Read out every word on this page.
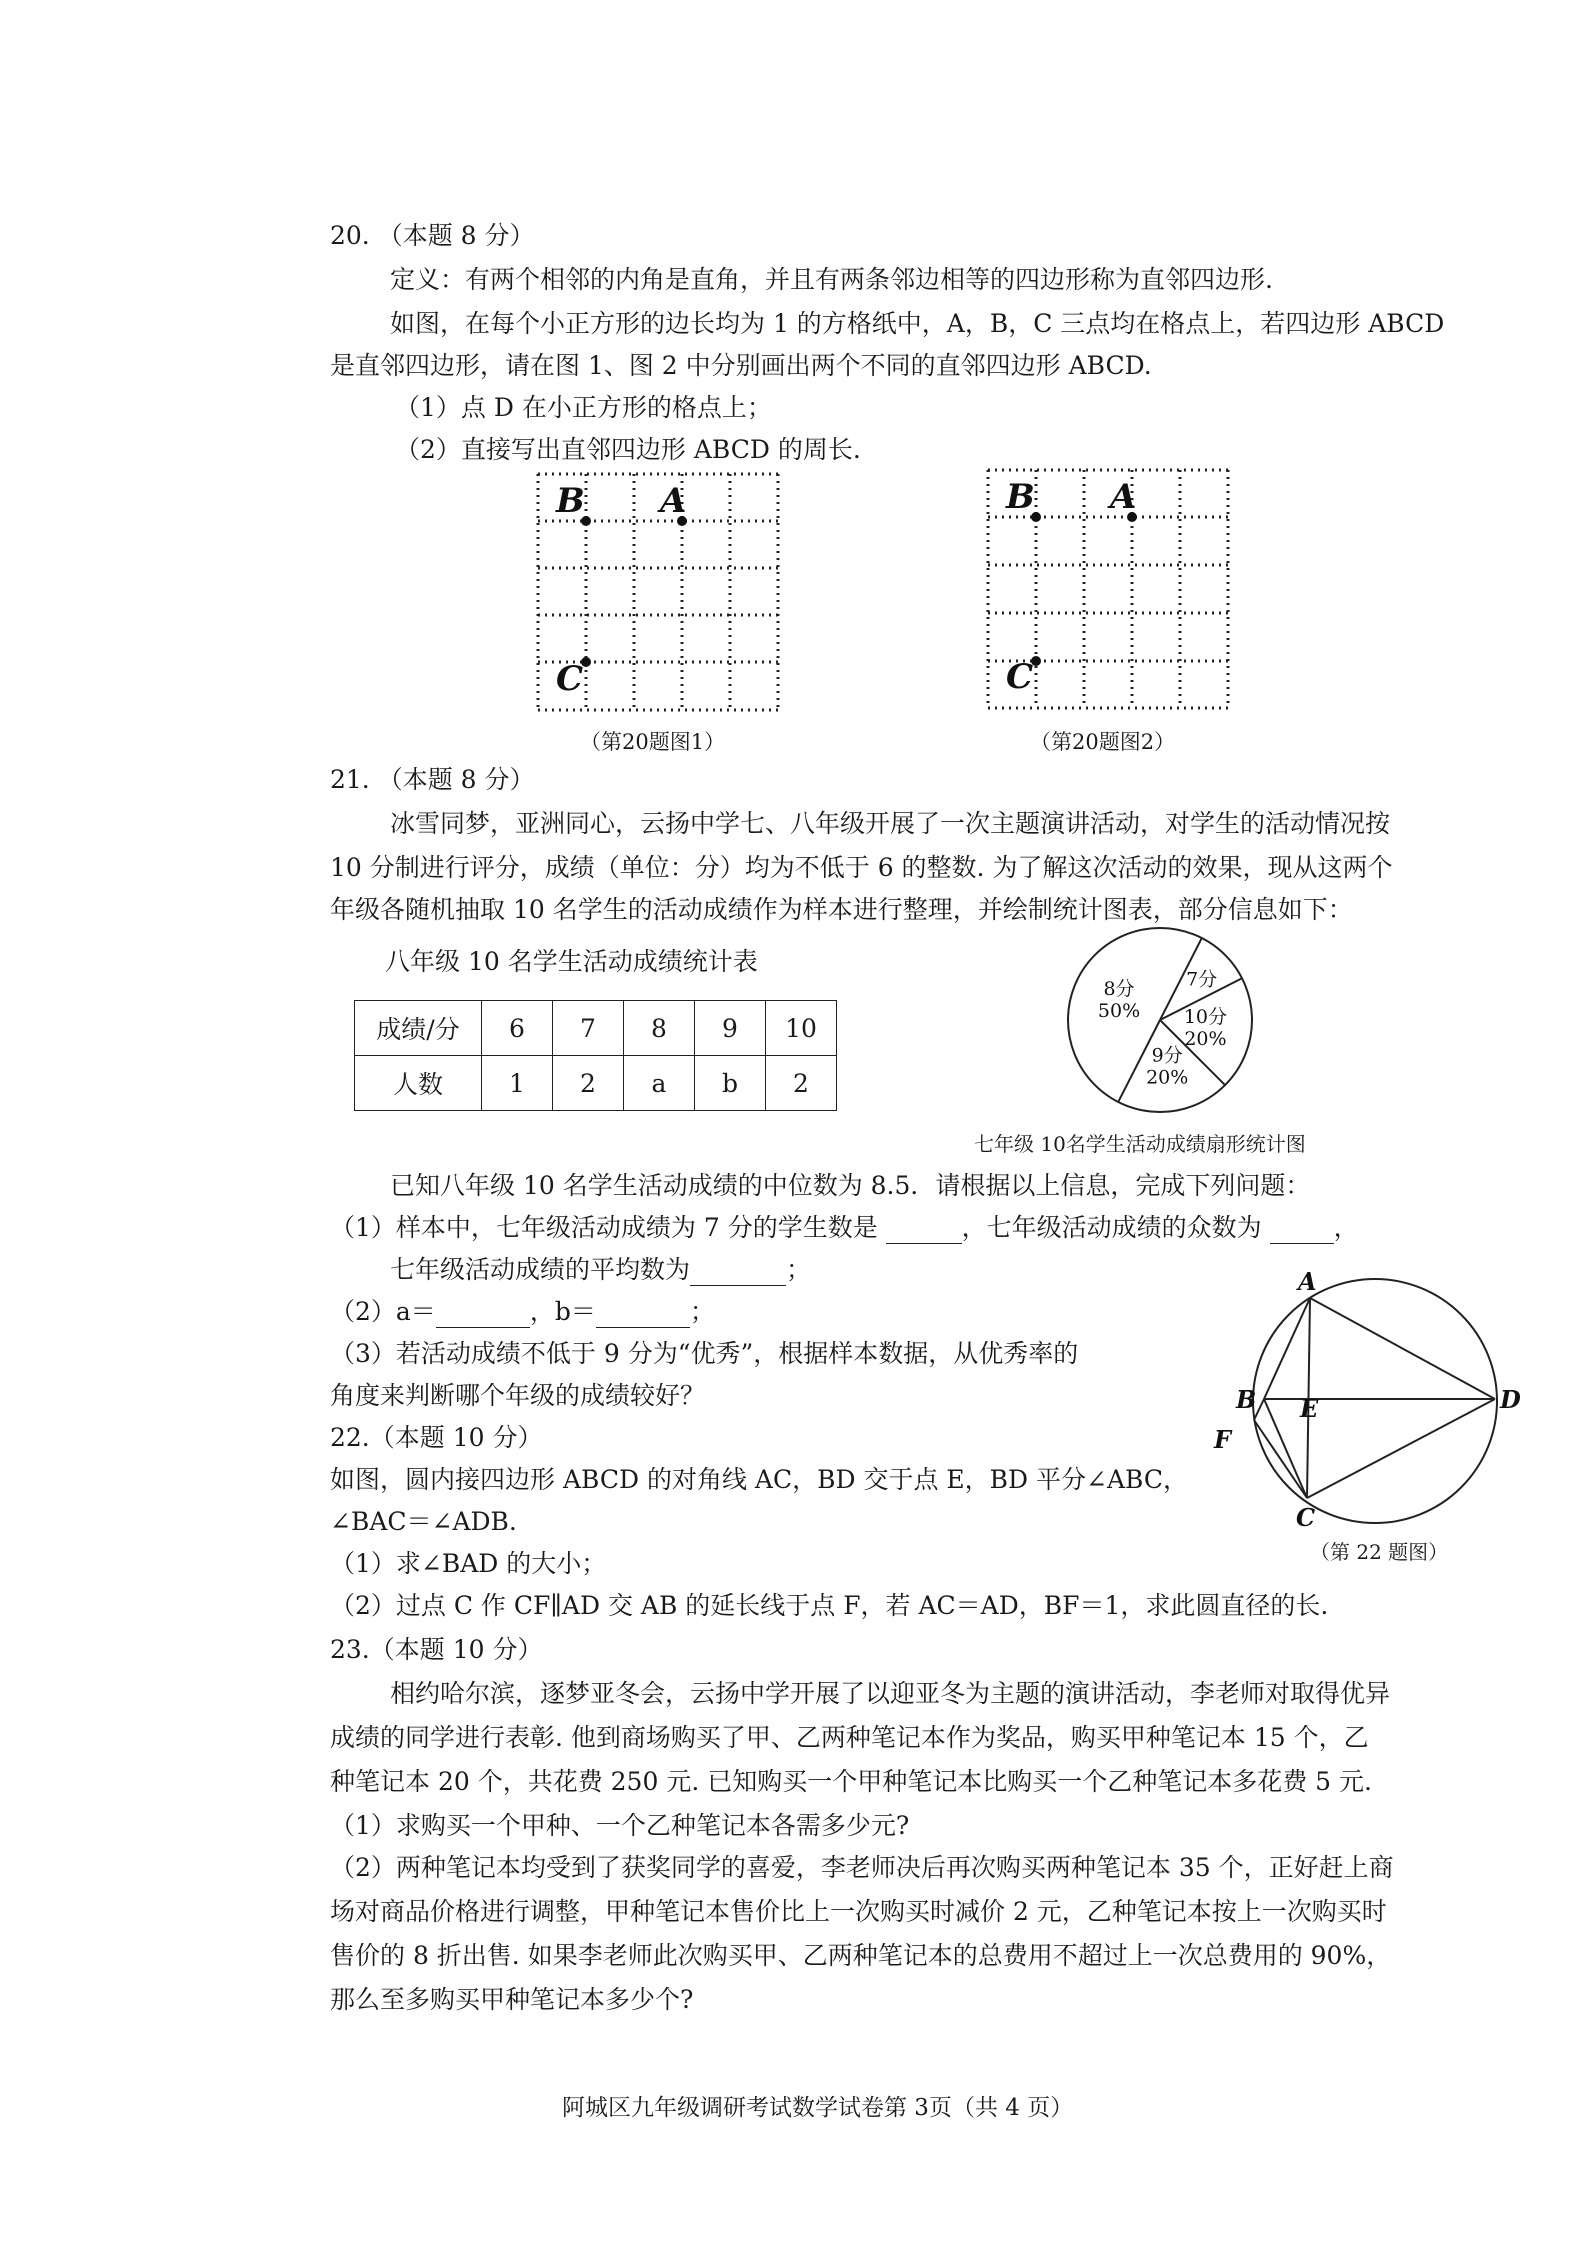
20. （本题 8 分）
定义：有两个相邻的内角是直角，并且有两条邻边相等的四边形称为直邻四边形.
如图，在每个小正方形的边长均为 1 的方格纸中，A，B，C 三点均在格点上，若四边形 ABCD
是直邻四边形，请在图 1、图 2 中分别画出两个不同的直邻四边形 ABCD.
（1）点 D 在小正方形的格点上；
（2）直接写出直邻四边形 ABCD 的周长.
B A
C
（第20题图1）
B A
C
（第20题图2）
21. （本题 8 分）
冰雪同梦，亚洲同心，云扬中学七、八年级开展了一次主题演讲活动，对学生的活动情况按
10 分制进行评分，成绩（单位：分）均为不低于 6 的整数. 为了解这次活动的效果，现从这两个
年级各随机抽取 10 名学生的活动成绩作为样本进行整理，并绘制统计图表，部分信息如下：
八年级 10 名学生活动成绩统计表
成绩/分	6	7	8	9	10
人数	1	2	a	b	2
7分
10分
20%
9分
20%
8分
50%
七年级 10名学生活动成绩扇形统计图
已知八年级 10 名学生活动成绩的中位数为 8.5．请根据以上信息，完成下列问题：
（1）样本中，七年级活动成绩为 7 分的学生数是	，七年级活动成绩的众数为	，
七年级活动成绩的平均数为	；
（2）a＝	，b＝	；
（3）若活动成绩不低于 9 分为“优秀”，根据样本数据，从优秀率的
角度来判断哪个年级的成绩较好？
22.（本题 10 分）
如图，圆内接四边形 ABCD 的对角线 AC，BD 交于点 E，BD 平分∠ABC，
∠BAC＝∠ADB.
（1）求∠BAD 的大小；
（2）过点 C 作 CF∥AD 交 AB 的延长线于点 F，若 AC＝AD，BF＝1，求此圆直径的长.
A
B E	D
F
C
（第 22 题图）
23.（本题 10 分）
相约哈尔滨，逐梦亚冬会，云扬中学开展了以迎亚冬为主题的演讲活动，李老师对取得优异
成绩的同学进行表彰. 他到商场购买了甲、乙两种笔记本作为奖品，购买甲种笔记本 15 个，乙
种笔记本 20 个，共花费 250 元. 已知购买一个甲种笔记本比购买一个乙种笔记本多花费 5 元.
（1）求购买一个甲种、一个乙种笔记本各需多少元?
（2）两种笔记本均受到了获奖同学的喜爱，李老师决后再次购买两种笔记本 35 个，正好赶上商
场对商品价格进行调整，甲种笔记本售价比上一次购买时减价 2 元，乙种笔记本按上一次购买时
售价的 8 折出售. 如果李老师此次购买甲、乙两种笔记本的总费用不超过上一次总费用的 90%，
那么至多购买甲种笔记本多少个?
阿城区九年级调研考试数学试卷第 3页（共 4 页）
